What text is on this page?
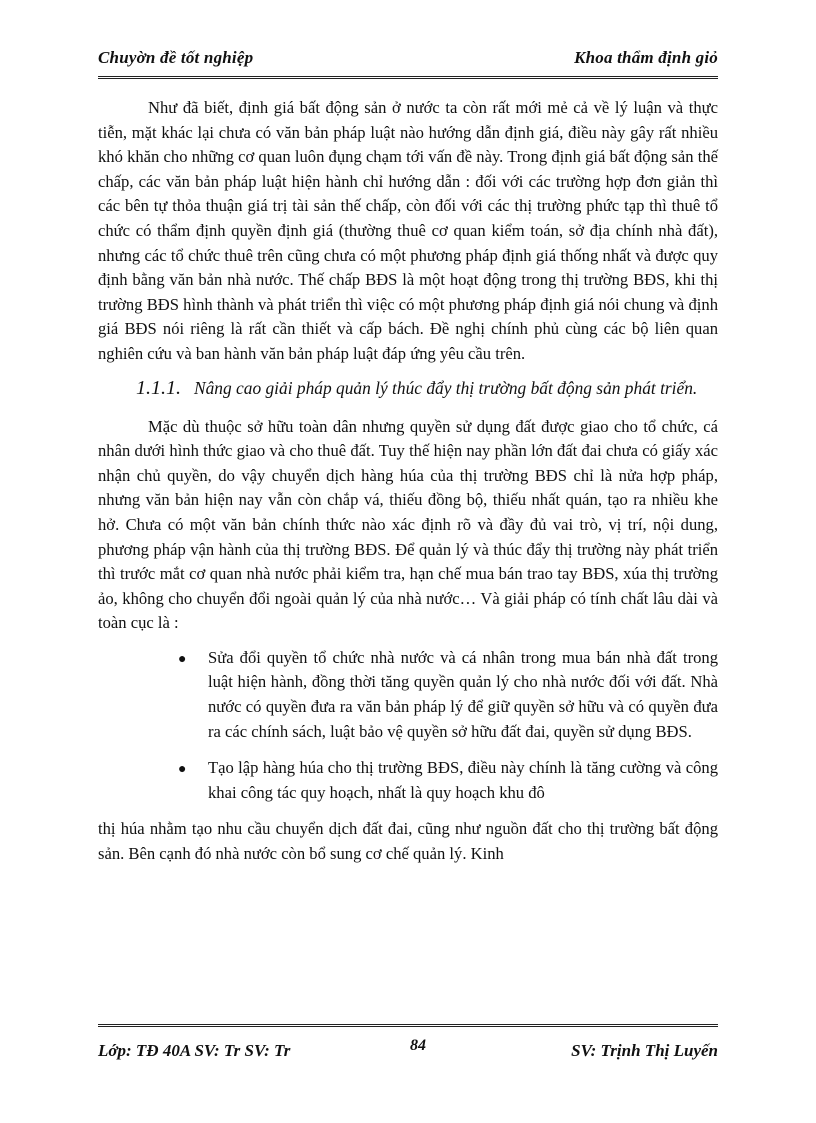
Chuyờn đề tốt nghiệp	Khoa thẩm định giỏ

Như đã biết, định giá bất động sản ở nước ta còn rất mới mẻ cả về lý luận và thực tiễn, mặt khác lại chưa có văn bản pháp luật nào hướng dẫn định giá, điều này gây rất nhiều khó khăn cho những cơ quan luôn đụng chạm tới vấn đề này. Trong định giá bất động sản thế chấp, các văn bản pháp luật hiện hành chỉ hướng dẫn : đối với các trường hợp đơn giản thì các bên tự thỏa thuận giá trị tài sản thế chấp, còn đối với các thị trường phức tạp thì thuê tổ chức có thẩm định quyền định giá (thường thuê cơ quan kiểm toán, sở địa chính nhà đất), nhưng các tổ chức thuê trên cũng chưa có một phương pháp định giá thống nhất và được quy định bằng văn bản nhà nước. Thế chấp BĐS là một hoạt động trong thị trường BĐS, khi thị trường BĐS hình thành và phát triển thì việc có một phương pháp định giá nói chung và định giá BĐS nói riêng là rất cần thiết và cấp bách. Đề nghị chính phủ cùng các bộ liên quan nghiên cứu và ban hành văn bản pháp luật đáp ứng yêu cầu trên.

1.1.1. Nâng cao giải pháp quản lý thúc đẩy thị trường bất động sản phát triển.

Mặc dù thuộc sở hữu toàn dân nhưng quyền sử dụng đất được giao cho tổ chức, cá nhân dưới hình thức giao và cho thuê đất. Tuy thế hiện nay phần lớn đất đai chưa có giấy xác nhận chủ quyền, do vậy chuyển dịch hàng húa của thị trường BĐS chỉ là nửa hợp pháp, nhưng văn bản hiện nay vẫn còn chắp vá, thiếu đồng bộ, thiếu nhất quán, tạo ra nhiều khe hở. Chưa có một văn bản chính thức nào xác định rõ và đầy đủ vai trò, vị trí, nội dung, phương pháp vận hành của thị trường BĐS. Để quản lý và thúc đẩy thị trường này phát triển thì trước mắt cơ quan nhà nước phải kiểm tra, hạn chế mua bán trao tay BĐS, xúa thị trường ảo, không cho chuyển đổi ngoài quản lý của nhà nước… Và giải pháp có tính chất lâu dài và toàn cục là :

● Sửa đổi quyền tổ chức nhà nước và cá nhân trong mua bán nhà đất trong luật hiện hành, đồng thời tăng quyền quản lý cho nhà nước đối với đất. Nhà nước có quyền đưa ra văn bản pháp lý để giữ quyền sở hữu và có quyền đưa ra các chính sách, luật bảo vệ quyền sở hữu đất đai, quyền sử dụng BĐS.
● Tạo lập hàng húa cho thị trường BĐS, điều này chính là tăng cường và công khai công tác quy hoạch, nhất là quy hoạch khu đô

thị húa nhằm tạo nhu cầu chuyển dịch đất đai, cũng như nguồn đất cho thị trường bất động sản. Bên cạnh đó nhà nước còn bổ sung cơ chế quản lý. Kinh

Lớp: TĐ 40A SV: Tr SV: Tr	84	SV: Trịnh Thị Luyến
